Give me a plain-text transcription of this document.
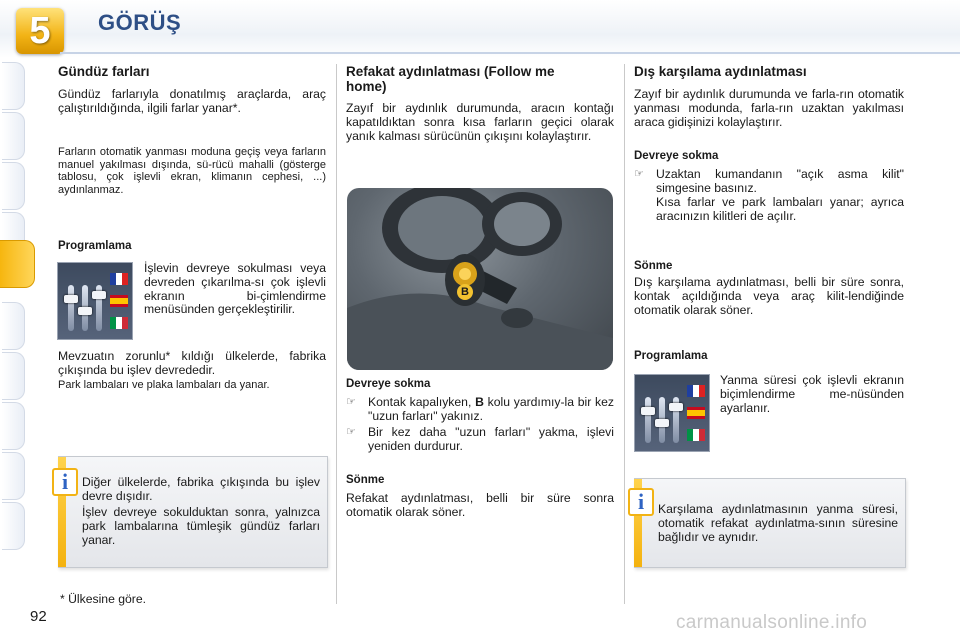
5	GÖRÜŞ
Gündüz farları

Gündüz farlarıyla donatılmış araçlarda, araç çalıştırıldığında, ilgili farlar yanar*.

Farların otomatik yanması moduna geçiş veya farların manuel yakılması dışında, sü-rücü mahalli (gösterge tablosu, çok işlevli ekran, klimanın cephesi, ...) aydınlanmaz.

Programlama

İşlevin devreye sokulması veya devreden çıkarılma-sı çok işlevli ekranın bi-çimlendirme menüsünden gerçekleştirilir.

Mevzuatın zorunlu* kıldığı ülkelerde, fabrika çıkışında bu işlev devrededir.

Park lambaları ve plaka lambaları da yanar.

i	Diğer ülkelerde, fabrika çıkışında bu işlev devre dışıdır.

İşlev devreye sokulduktan sonra, yalnızca park lambalarına tümleşik gündüz farları yanar.

* Ülkesine göre.
92
Refakat aydınlatması (Follow me home)

Zayıf bir aydınlık durumunda, aracın kontağı kapatıldıktan sonra kısa farların geçici olarak yanık kalması sürücünün çıkışını kolaylaştırır.

B
Devreye sokma
☞ Kontak kapalıyken, B kolu yardımıy-la bir kez "uzun farları" yakınız.
☞ Bir kez daha "uzun farları" yakma, işlevi yeniden durdurur.
Sönme

Refakat aydınlatması, belli bir süre sonra otomatik olarak söner.

Dış karşılama aydınlatması

Zayıf bir aydınlık durumunda ve farla-rın otomatik yanması modunda, farla-rın uzaktan yakılması araca gidişinizi kolaylaştırır.

Devreye sokma
☞ Uzaktan kumandanın "açık asma kilit" simgesine basınız.

Kısa farlar ve park lambaları yanar; ayrıca aracınızın kilitleri de açılır.

Sönme

Dış karşılama aydınlatması, belli bir süre sonra, kontak açıldığında veya araç kilit-lendiğinde otomatik olarak söner.

Programlama

Yanma süresi çok işlevli ekranın biçimlendirme me-nüsünden ayarlanır.

i	Karşılama aydınlatmasının yanma süresi, otomatik refakat aydınlatma-sının süresine bağlıdır ve aynıdır.

carmanualsonline.info
